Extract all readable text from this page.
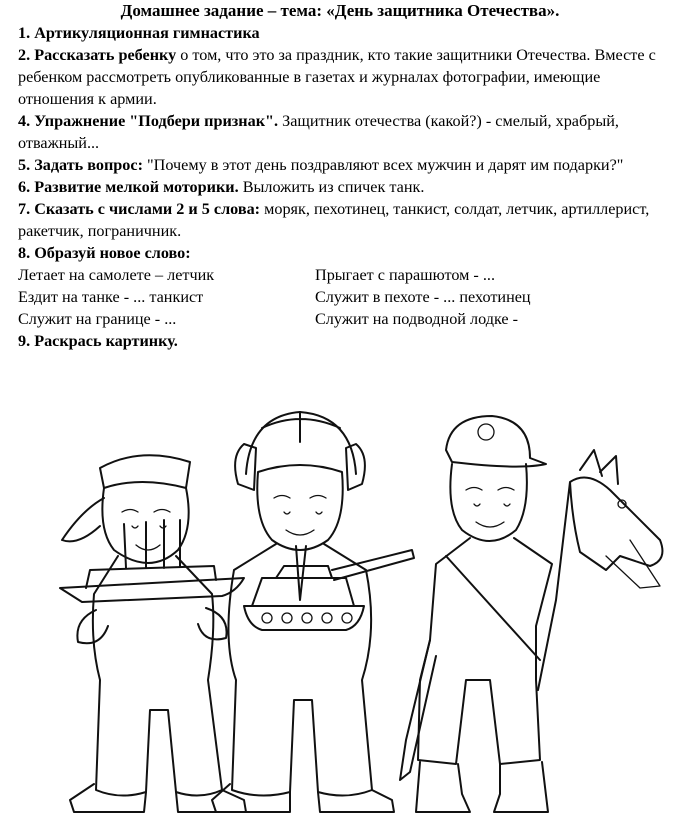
Домашнее задание – тема: «День защитника Отечества».

1. Артикуляционная гимнастика

2. Рассказать ребенку о том, что это за праздник, кто такие защитники Отечества. Вместе с ребенком рассмотреть опубликованные в газетах и журналах фотографии, имеющие отношения к армии.

4. Упражнение "Подбери признак". Защитник отечества (какой?) - смелый, храбрый, отважный...

5. Задать вопрос: "Почему в этот день поздравляют всех мужчин и дарят им подарки?"

6. Развитие мелкой моторики. Выложить из спичек танк.

7. Сказать с числами 2 и 5 слова: моряк, пехотинец, танкист, солдат, летчик, артиллерист, ракетчик, пограничник.

8. Образуй новое слово:

Летает на самолете – летчик	Прыгает с парашютом - ...
Ездит на танке - ... танкист	Служит в пехоте - ... пехотинец
Служит на границе - ...	Служит на подводной лодке -

9. Раскрась картинку.
